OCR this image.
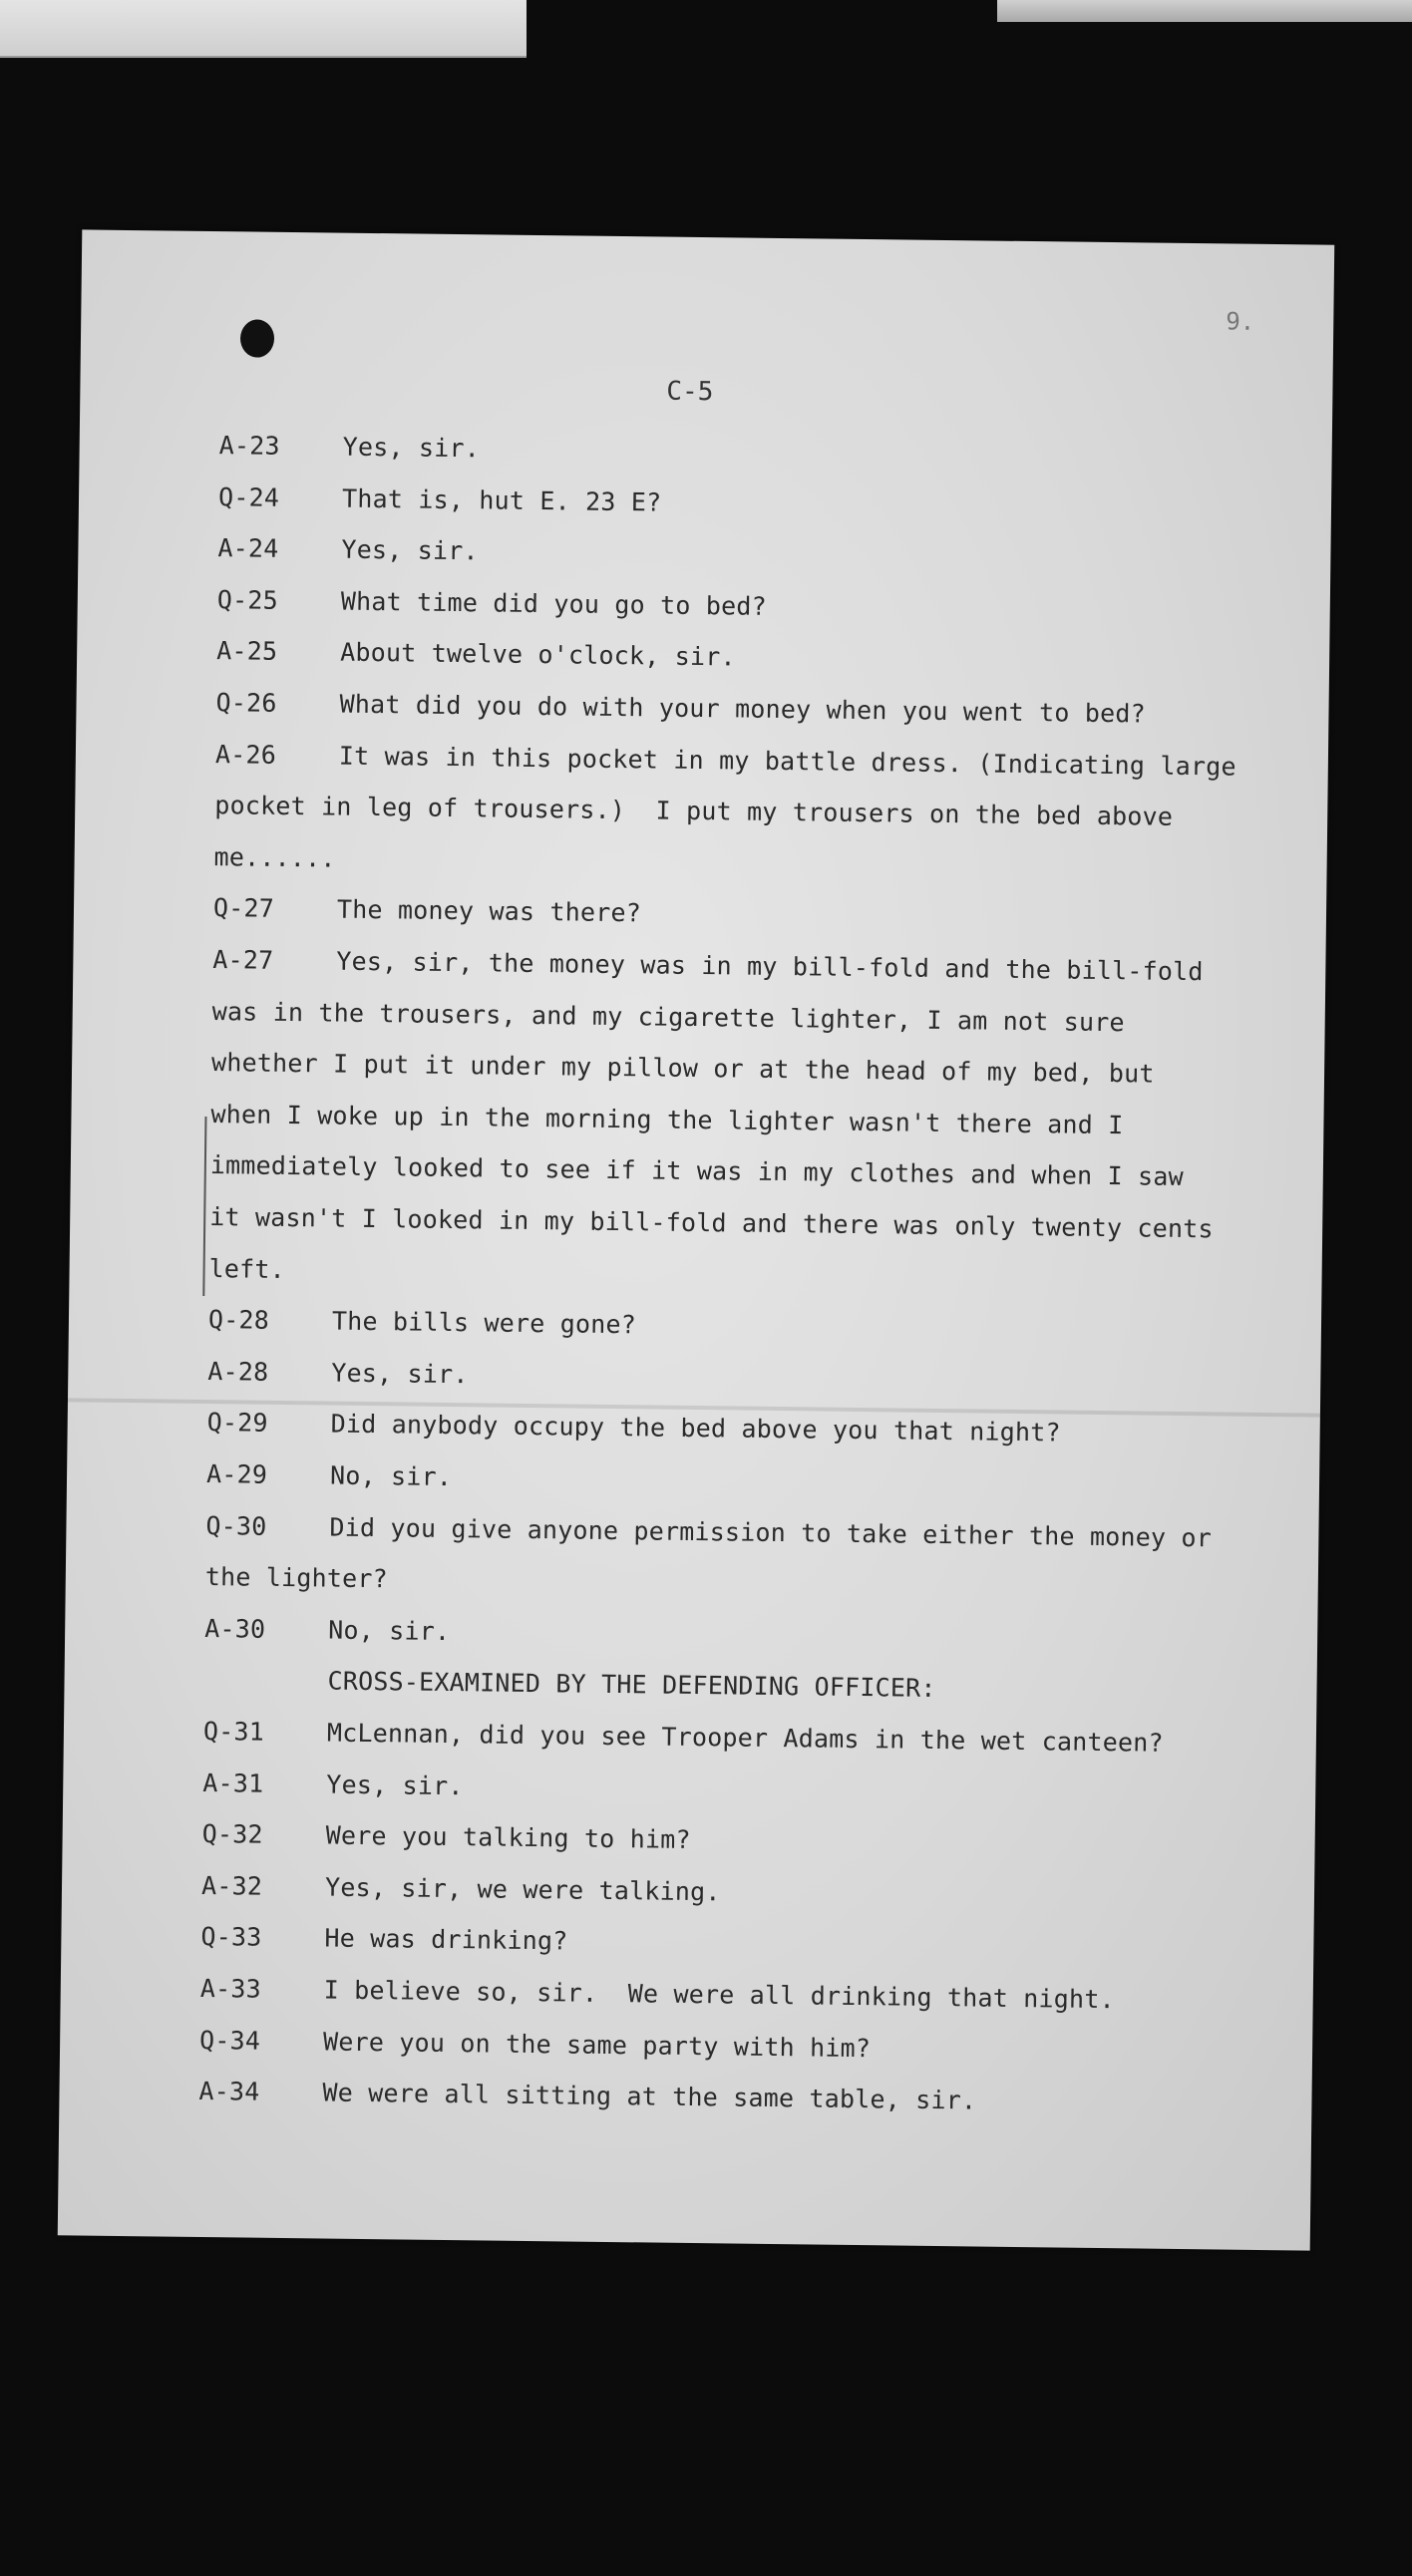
9.
C-5
A-23	Yes, sir.
Q-24	That is, hut E. 23 E?
A-24	Yes, sir.
Q-25	What time did you go to bed?
A-25	About twelve o'clock, sir.
Q-26	What did you do with your money when you went to bed?
A-26	It was in this pocket in my battle dress. (Indicating large
pocket in leg of trousers.)  I put my trousers on the bed above
me......
Q-27	The money was there?
A-27	Yes, sir, the money was in my bill-fold and the bill-fold
was in the trousers, and my cigarette lighter, I am not sure
whether I put it under my pillow or at the head of my bed, but
when I woke up in the morning the lighter wasn't there and I
immediately looked to see if it was in my clothes and when I saw
it wasn't I looked in my bill-fold and there was only twenty cents
left.
Q-28	The bills were gone?
A-28	Yes, sir.
Q-29	Did anybody occupy the bed above you that night?
A-29	No, sir.
Q-30	Did you give anyone permission to take either the money or
the lighter?
A-30	No, sir.
CROSS-EXAMINED BY THE DEFENDING OFFICER:
Q-31	McLennan, did you see Trooper Adams in the wet canteen?
A-31	Yes, sir.
Q-32	Were you talking to him?
A-32	Yes, sir, we were talking.
Q-33	He was drinking?
A-33	I believe so, sir.  We were all drinking that night.
Q-34	Were you on the same party with him?
A-34	We were all sitting at the same table, sir.
